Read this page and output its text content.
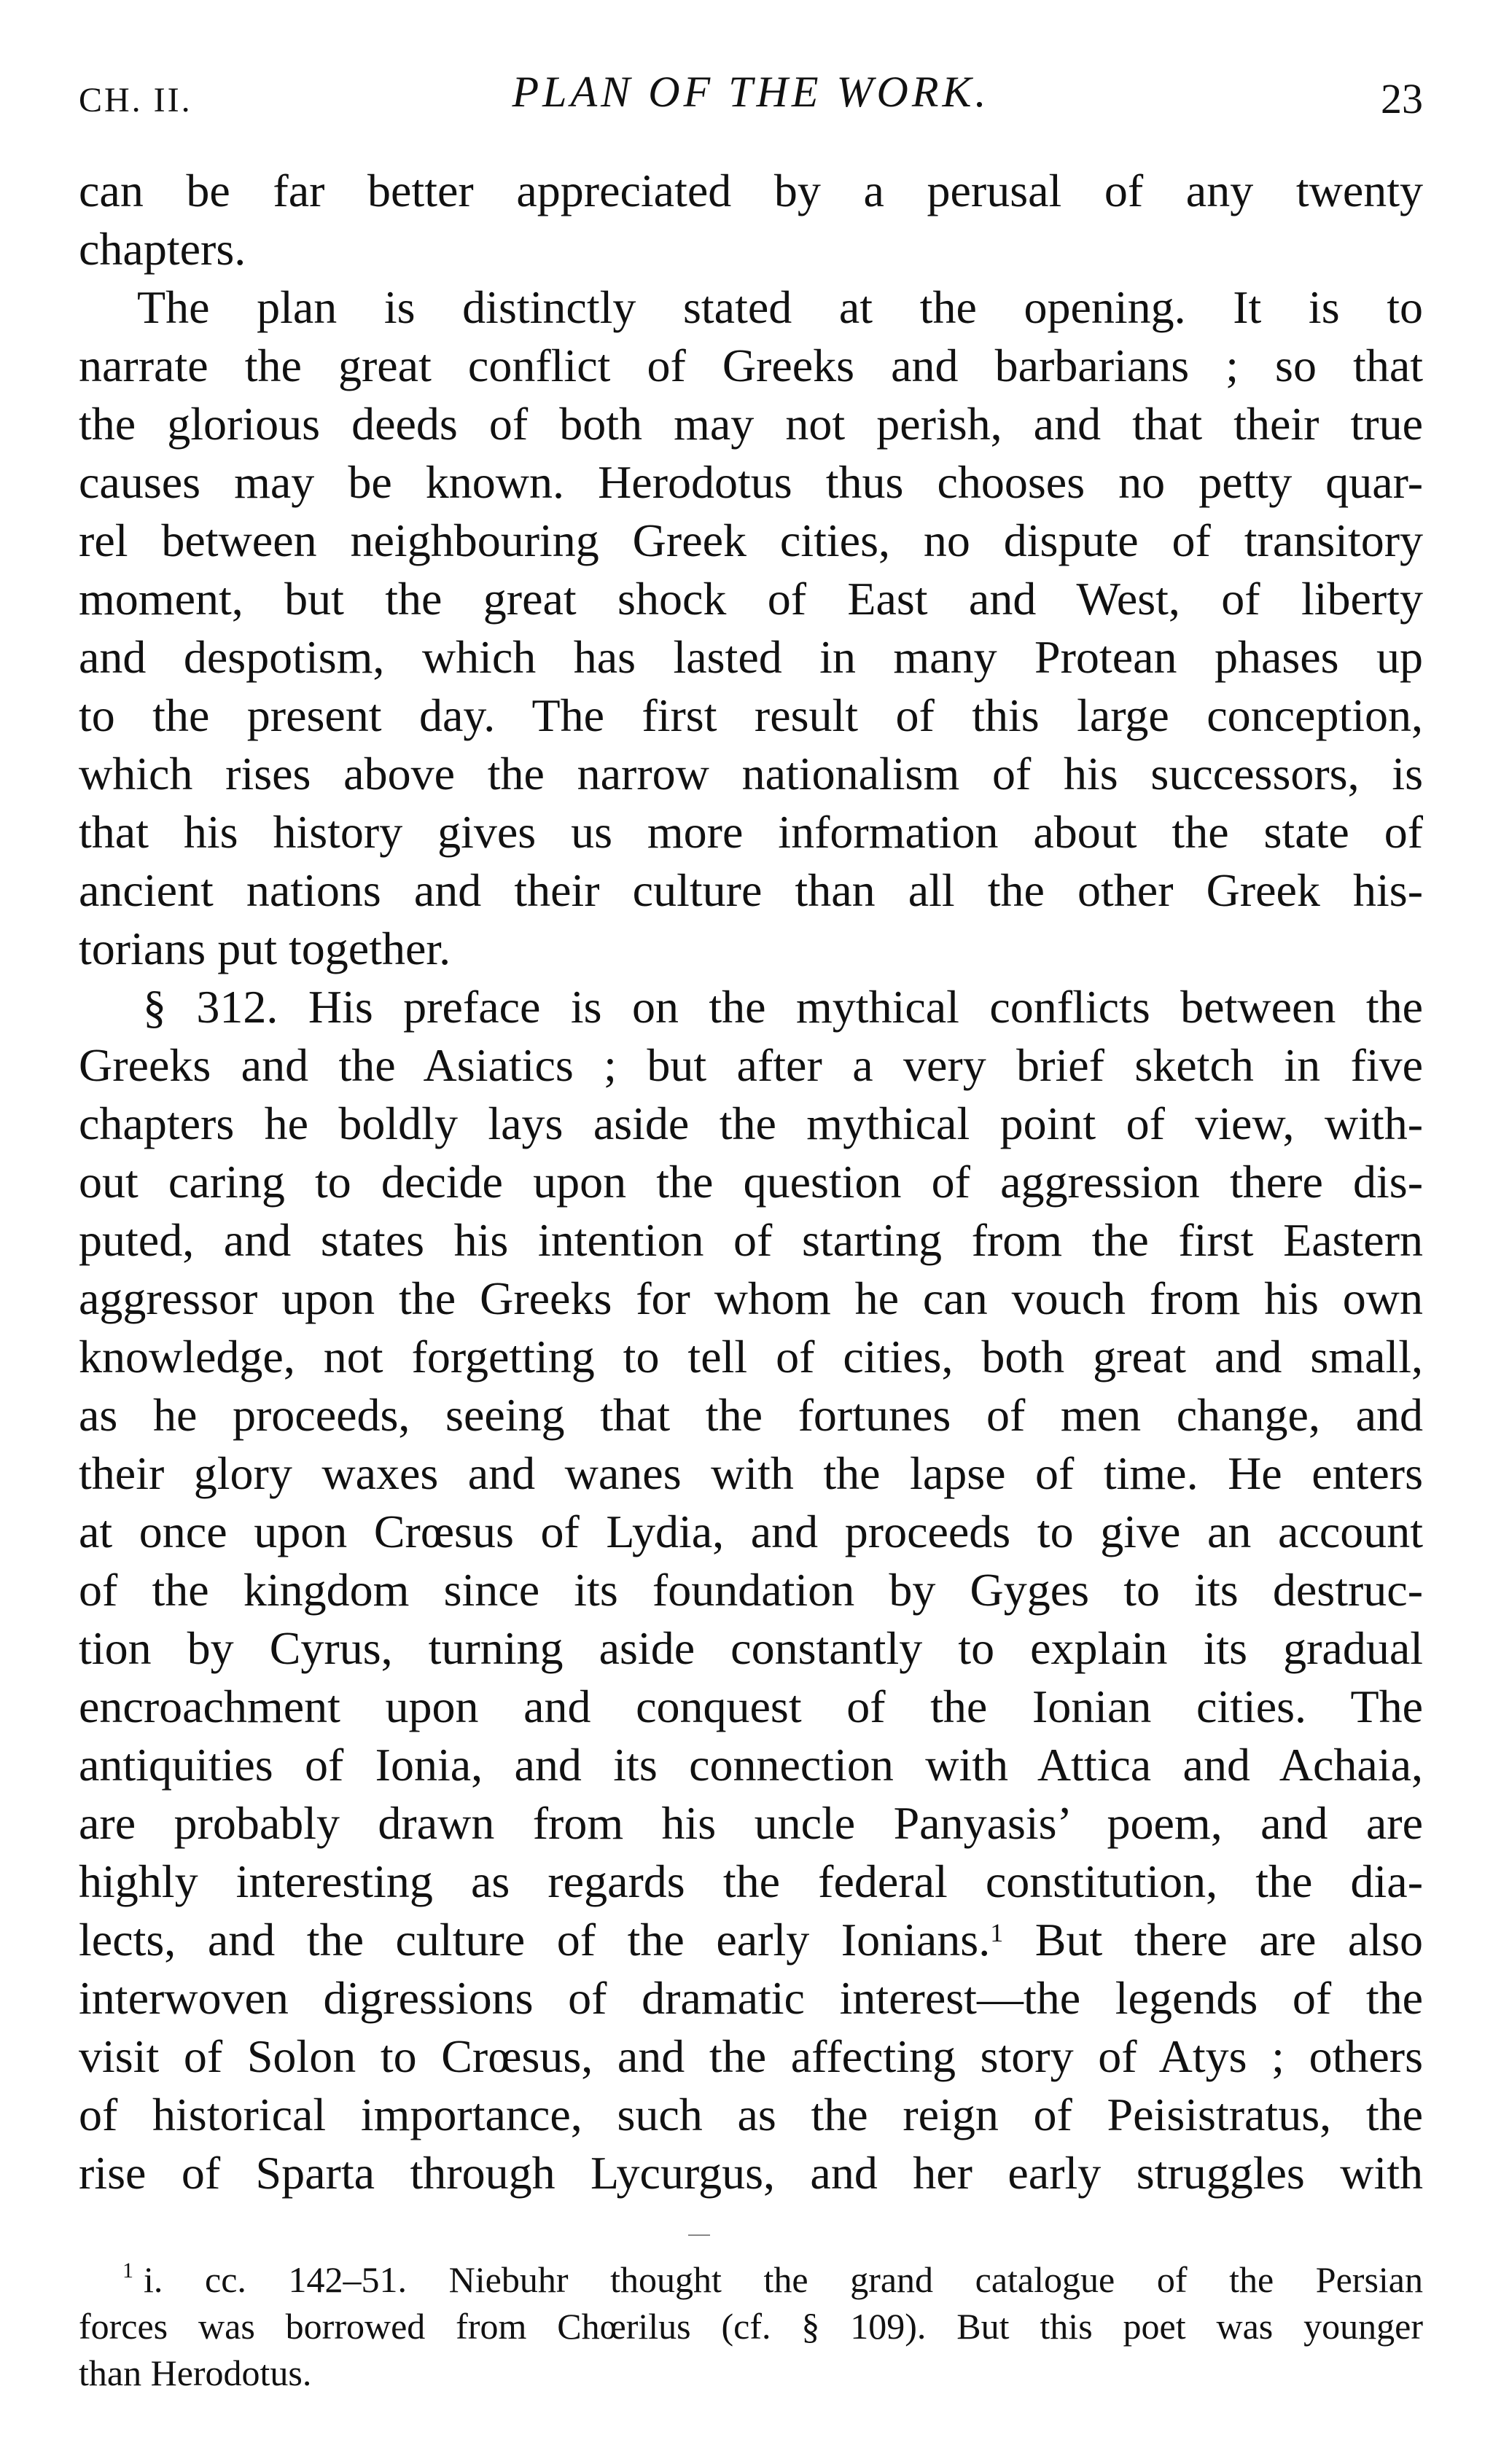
CH. II.	PLAN OF THE WORK.	23
can be far better appreciated by a perusal of any twenty
chapters.
The plan is distinctly stated at the opening. It is to
narrate the great conflict of Greeks and barbarians ; so that
the glorious deeds of both may not perish, and that their true
causes may be known. Herodotus thus chooses no petty quar-
rel between neighbouring Greek cities, no dispute of transitory
moment, but the great shock of East and West, of liberty
and despotism, which has lasted in many Protean phases up
to the present day. The first result of this large conception,
which rises above the narrow nationalism of his successors, is
that his history gives us more information about the state of
ancient nations and their culture than all the other Greek his-
torians put together.
§ 312. His preface is on the mythical conflicts between the
Greeks and the Asiatics ; but after a very brief sketch in five
chapters he boldly lays aside the mythical point of view, with-
out caring to decide upon the question of aggression there dis-
puted, and states his intention of starting from the first Eastern
aggressor upon the Greeks for whom he can vouch from his own
knowledge, not forgetting to tell of cities, both great and small,
as he proceeds, seeing that the fortunes of men change, and
their glory waxes and wanes with the lapse of time. He enters
at once upon Crœsus of Lydia, and proceeds to give an account
of the kingdom since its foundation by Gyges to its destruc-
tion by Cyrus, turning aside constantly to explain its gradual
encroachment upon and conquest of the Ionian cities. The
antiquities of Ionia, and its connection with Attica and Achaia,
are probably drawn from his uncle Panyasis’ poem, and are
highly interesting as regards the federal constitution, the dia-
lects, and the culture of the early Ionians.$^1$ But there are also
interwoven digressions of dramatic interest—the legends of the
visit of Solon to Crœsus, and the affecting story of Atys ; others
of historical importance, such as the reign of Peisistratus, the
rise of Sparta through Lycurgus, and her early struggles with
$^1$ i. cc. 142–51. Niebuhr thought the grand catalogue of the Persian
forces was borrowed from Chœrilus (cf. § 109). But this poet was younger
than Herodotus.
